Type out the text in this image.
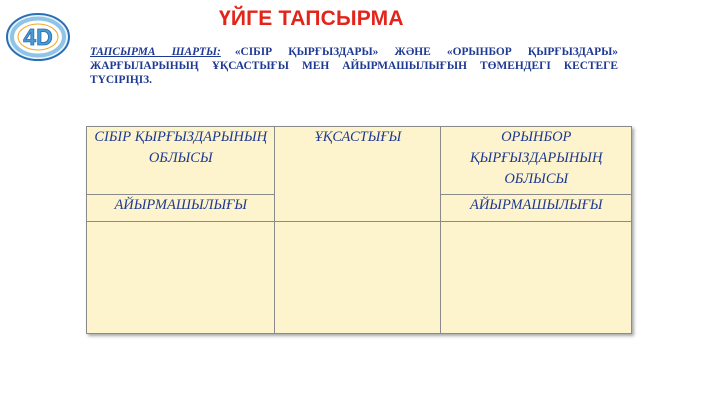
4D
ҮЙГЕ ТАПСЫРМА
ТАПСЫРМА ШАРТЫ: «СІБІР ҚЫРҒЫЗДАРЫ» ЖӘНЕ «ОРЫНБОР ҚЫРҒЫЗДАРЫ» ЖАРҒЫЛАРЫНЫҢ ҰҚСАСТЫҒЫ МЕН АЙЫРМАШЫЛЫҒЫН ТӨМЕНДЕГІ КЕСТЕГЕ ТҮСІРІҢІЗ.
СІБІР ҚЫРҒЫЗДАРЫНЫҢ ОБЛЫСЫ	ҰҚСАСТЫҒЫ	ОРЫНБОР ҚЫРҒЫЗДАРЫНЫҢ ОБЛЫСЫ
АЙЫРМАШЫЛЫҒЫ		АЙЫРМАШЫЛЫҒЫ
